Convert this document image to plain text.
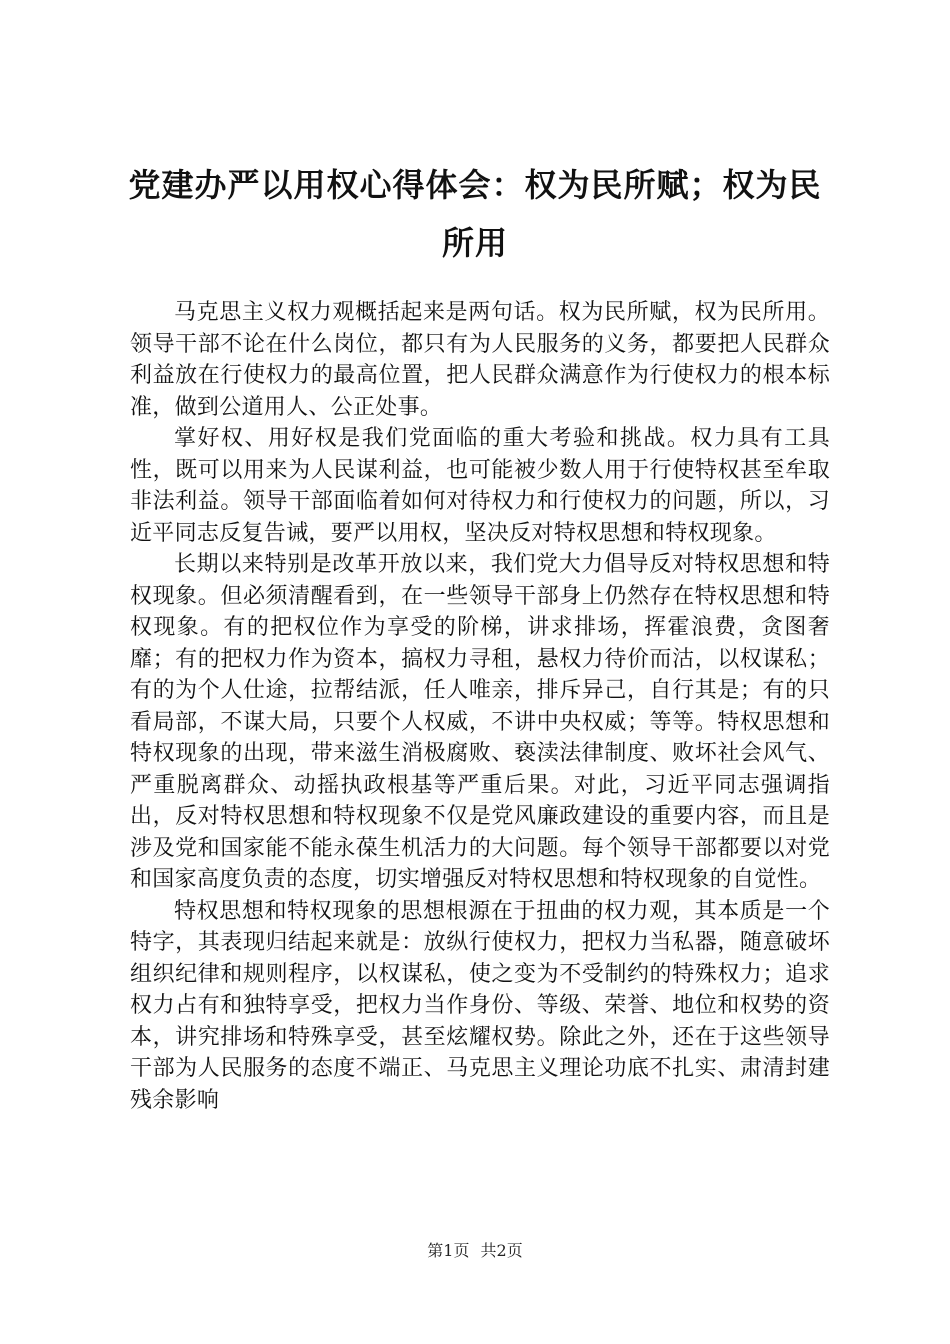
党建办严以用权心得体会：权为民所赋；权为民所用

马克思主义权力观概括起来是两句话。权为民所赋，权为民所用。领导干部不论在什么岗位，都只有为人民服务的义务，都要把人民群众利益放在行使权力的最高位置，把人民群众满意作为行使权力的根本标准，做到公道用人、公正处事。

掌好权、用好权是我们党面临的重大考验和挑战。权力具有工具性，既可以用来为人民谋利益，也可能被少数人用于行使特权甚至牟取非法利益。领导干部面临着如何对待权力和行使权力的问题，所以，习近平同志反复告诫，要严以用权，坚决反对特权思想和特权现象。

长期以来特别是改革开放以来，我们党大力倡导反对特权思想和特权现象。但必须清醒看到，在一些领导干部身上仍然存在特权思想和特权现象。有的把权位作为享受的阶梯，讲求排场，挥霍浪费，贪图奢靡；有的把权力作为资本，搞权力寻租，悬权力待价而沽，以权谋私；有的为个人仕途，拉帮结派，任人唯亲，排斥异己，自行其是；有的只看局部，不谋大局，只要个人权威，不讲中央权威；等等。特权思想和特权现象的出现，带来滋生消极腐败、亵渎法律制度、败坏社会风气、严重脱离群众、动摇执政根基等严重后果。对此，习近平同志强调指出，反对特权思想和特权现象不仅是党风廉政建设的重要内容，而且是涉及党和国家能不能永葆生机活力的大问题。每个领导干部都要以对党和国家高度负责的态度，切实增强反对特权思想和特权现象的自觉性。

特权思想和特权现象的思想根源在于扭曲的权力观，其本质是一个特字，其表现归结起来就是：放纵行使权力，把权力当私器，随意破坏组织纪律和规则程序，以权谋私，使之变为不受制约的特殊权力；追求权力占有和独特享受，把权力当作身份、等级、荣誉、地位和权势的资本，讲究排场和特殊享受，甚至炫耀权势。除此之外，还在于这些领导干部为人民服务的态度不端正、马克思主义理论功底不扎实、肃清封建残余影响

第1页 共2页
